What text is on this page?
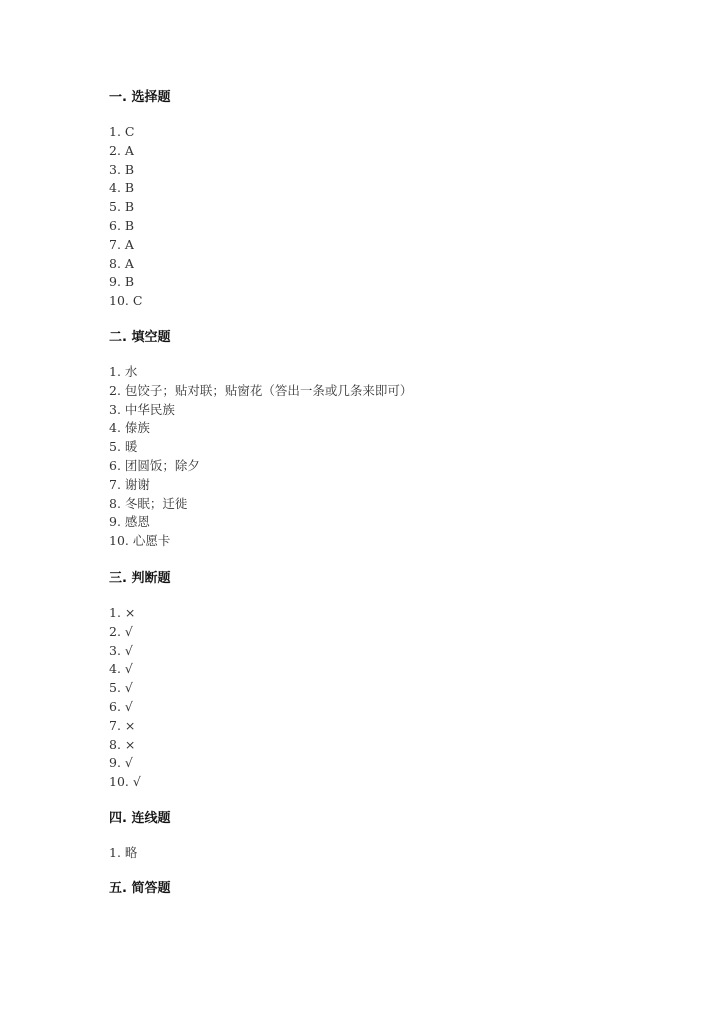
一. 选择题
1. C
2. A
3. B
4. B
5. B
6. B
7. A
8. A
9. B
10. C
二. 填空题
1. 水
2. 包饺子；贴对联；贴窗花（答出一条或几条来即可）
3. 中华民族
4. 傣族
5. 暖
6. 团圆饭；除夕
7. 谢谢
8. 冬眠；迁徙
9. 感恩
10. 心愿卡
三. 判断题
1. ×
2. √
3. √
4. √
5. √
6. √
7. ×
8. ×
9. √
10. √
四. 连线题
1. 略
五. 简答题
